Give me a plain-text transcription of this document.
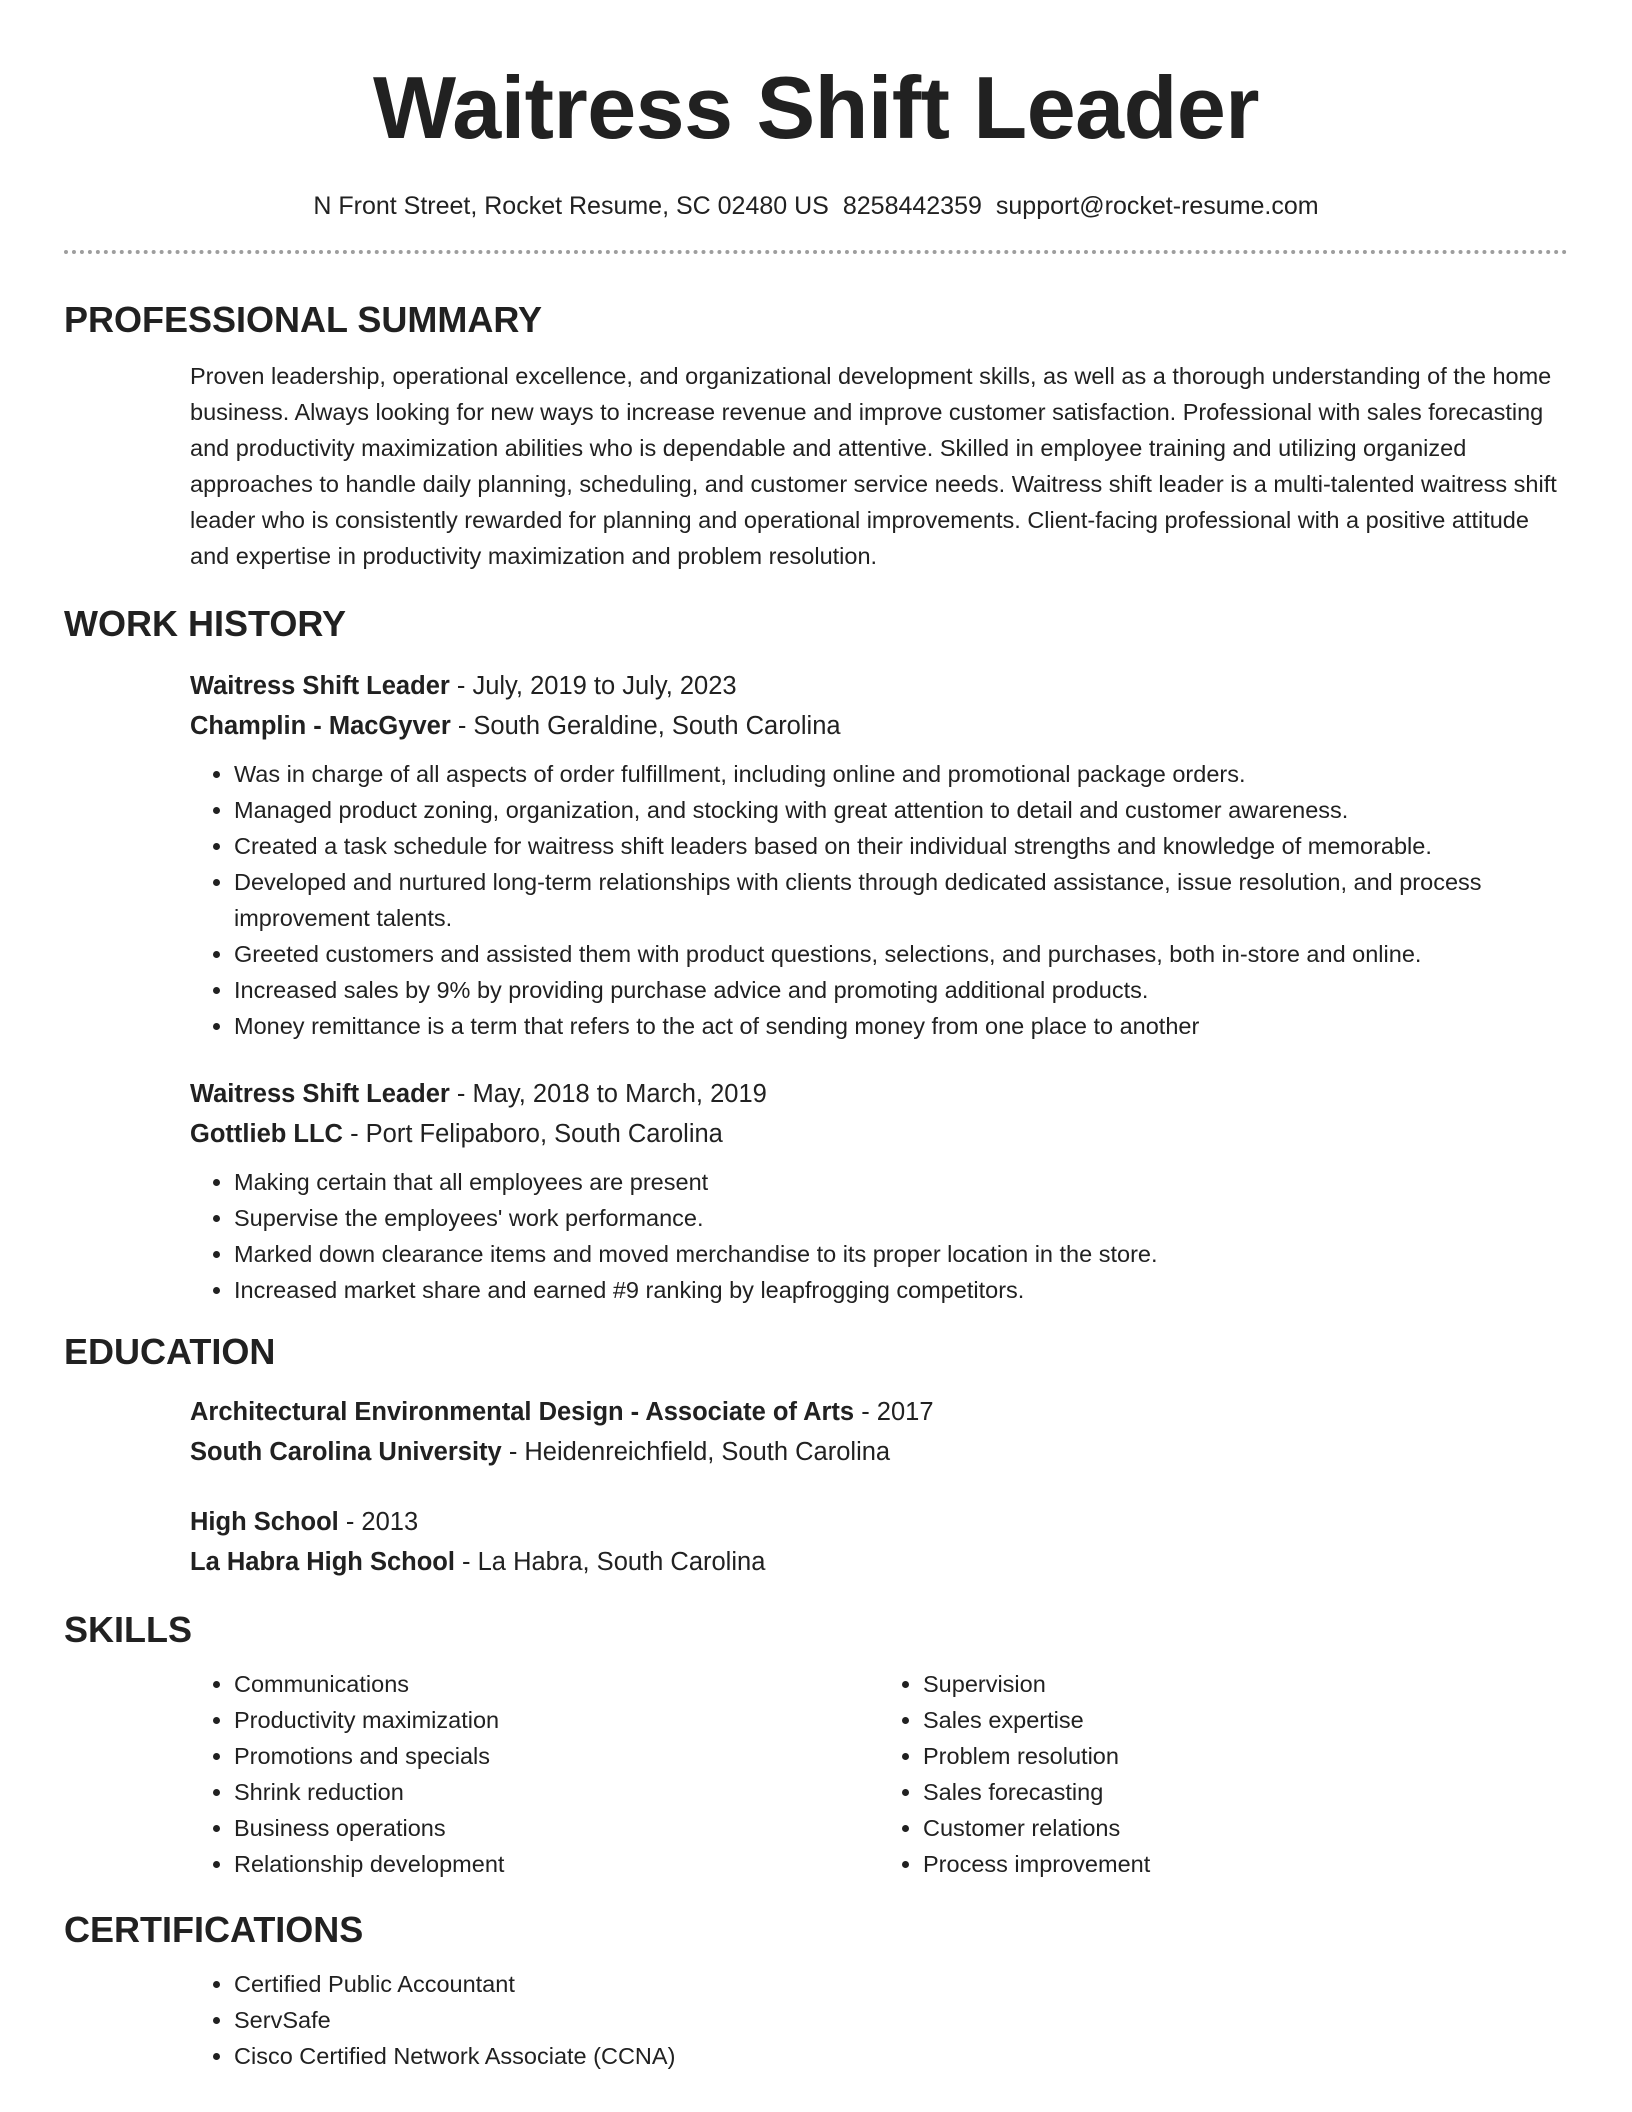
Waitress Shift Leader
N Front Street, Rocket Resume, SC 02480 US 8258442359 support@rocket-resume.com
PROFESSIONAL SUMMARY

Proven leadership, operational excellence, and organizational development skills, as well as a thorough understanding of the home business. Always looking for new ways to increase revenue and improve customer satisfaction. Professional with sales forecasting and productivity maximization abilities who is dependable and attentive. Skilled in employee training and utilizing organized approaches to handle daily planning, scheduling, and customer service needs. Waitress shift leader is a multi-talented waitress shift leader who is consistently rewarded for planning and operational improvements. Client-facing professional with a positive attitude and expertise in productivity maximization and problem resolution.

WORK HISTORY
Waitress Shift Leader - July, 2019 to July, 2023
Champlin - MacGyver - South Geraldine, South Carolina
• Was in charge of all aspects of order fulfillment, including online and promotional package orders.
• Managed product zoning, organization, and stocking with great attention to detail and customer awareness.
• Created a task schedule for waitress shift leaders based on their individual strengths and knowledge of memorable.
• Developed and nurtured long-term relationships with clients through dedicated assistance, issue resolution, and process improvement talents.
• Greeted customers and assisted them with product questions, selections, and purchases, both in-store and online.
• Increased sales by 9% by providing purchase advice and promoting additional products.
• Money remittance is a term that refers to the act of sending money from one place to another
Waitress Shift Leader - May, 2018 to March, 2019
Gottlieb LLC - Port Felipaboro, South Carolina
• Making certain that all employees are present
• Supervise the employees' work performance.
• Marked down clearance items and moved merchandise to its proper location in the store.
• Increased market share and earned #9 ranking by leapfrogging competitors.
EDUCATION
Architectural Environmental Design - Associate of Arts - 2017
South Carolina University - Heidenreichfield, South Carolina
High School - 2013
La Habra High School - La Habra, South Carolina
SKILLS
• Communications
• Productivity maximization
• Promotions and specials
• Shrink reduction
• Business operations
• Relationship development
• Supervision
• Sales expertise
• Problem resolution
• Sales forecasting
• Customer relations
• Process improvement
CERTIFICATIONS
• Certified Public Accountant
• ServSafe
• Cisco Certified Network Associate (CCNA)
